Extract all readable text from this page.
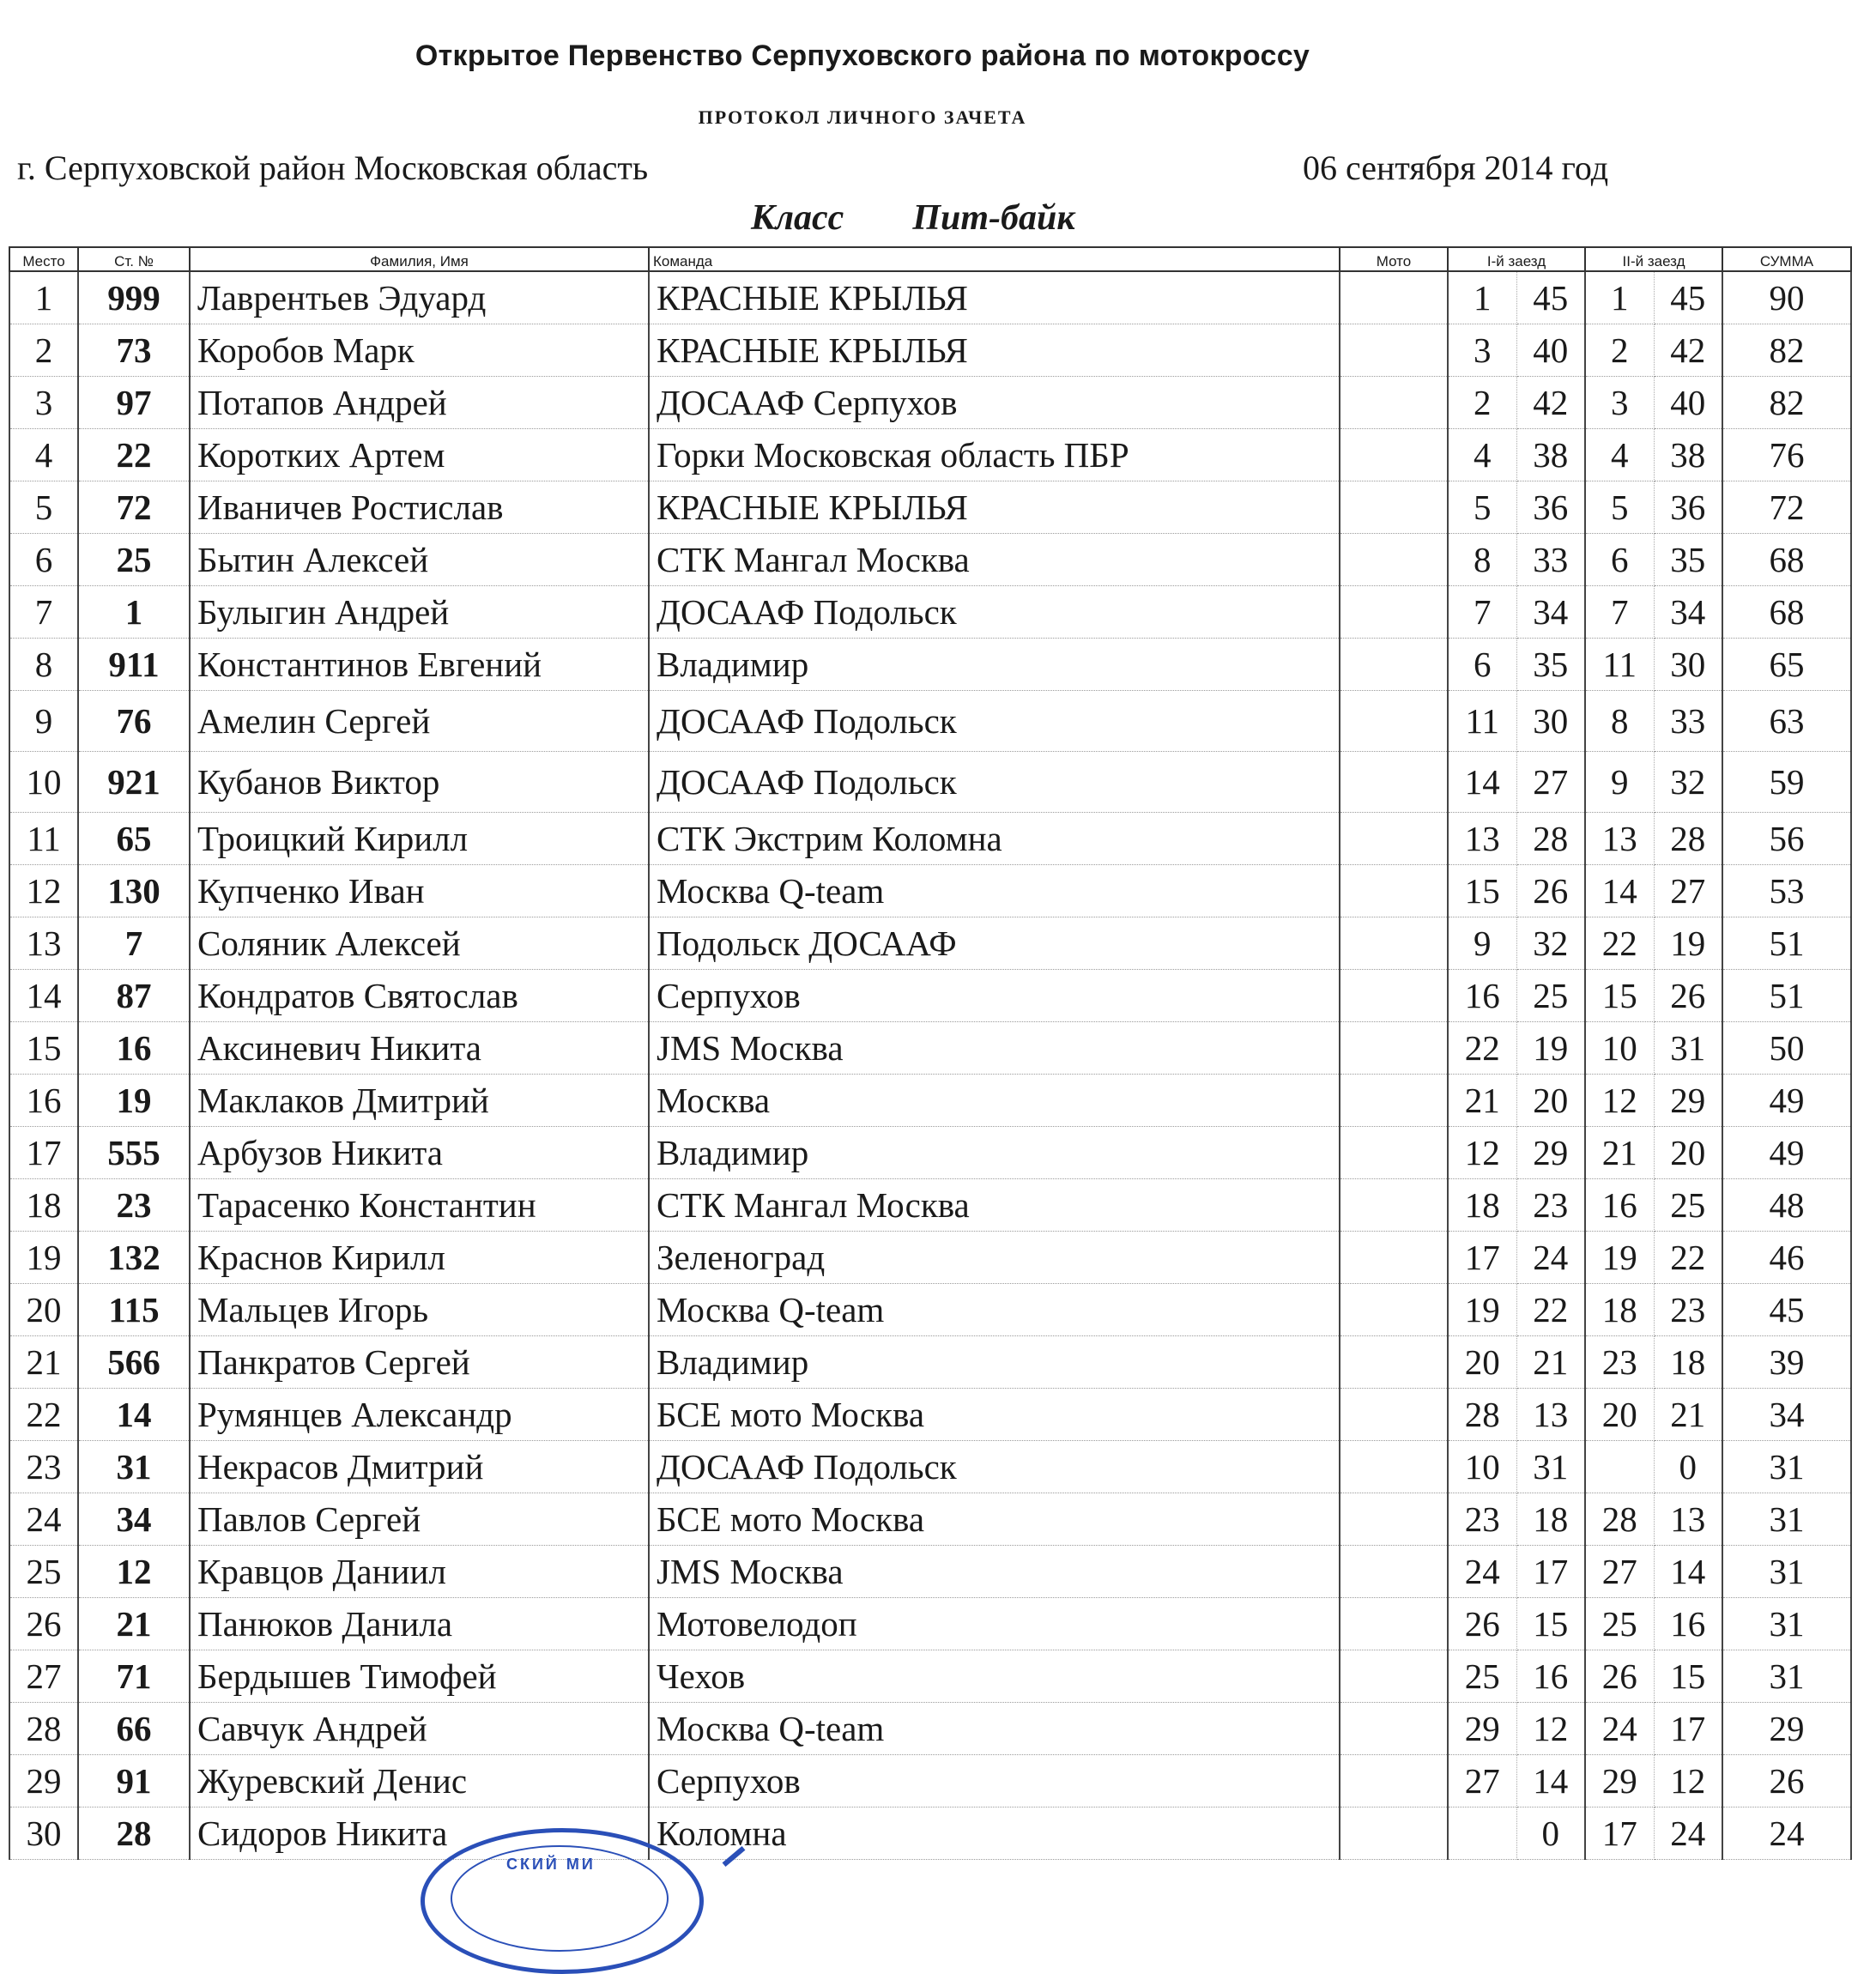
Открытое Первенство Серпуховского района по мотокроссу
ПРОТОКОЛ ЛИЧНОГО ЗАЧЕТА
г. Серпуховской район Московская область	06 сентября 2014 год
Класс Пит-байк
Место	Ст. №	Фамилия, Имя	Команда	Мото	I-й заезд		II-й заезд		СУММА
1	999	Лаврентьев Эдуард	КРАСНЫЕ КРЫЛЬЯ		1	45	1	45	90
2	73	Коробов Марк	КРАСНЫЕ КРЫЛЬЯ		3	40	2	42	82
3	97	Потапов Андрей	ДОСААФ Серпухов		2	42	3	40	82
4	22	Коротких Артем	Горки Московская область ПБР		4	38	4	38	76
5	72	Иваничев Ростислав	КРАСНЫЕ КРЫЛЬЯ		5	36	5	36	72
6	25	Бытин Алексей	СТК Мангал Москва		8	33	6	35	68
7	1	Булыгин Андрей	ДОСААФ Подольск		7	34	7	34	68
8	911	Константинов Евгений	Владимир		6	35	11	30	65
9	76	Амелин Сергей	ДОСААФ Подольск		11	30	8	33	63
10	921	Кубанов Виктор	ДОСААФ Подольск		14	27	9	32	59
11	65	Троицкий Кирилл	СТК Экстрим Коломна		13	28	13	28	56
12	130	Купченко Иван	Москва Q-team		15	26	14	27	53
13	7	Соляник Алексей	Подольск ДОСААФ		9	32	22	19	51
14	87	Кондратов Святослав	Серпухов		16	25	15	26	51
15	16	Аксиневич Никита	JMS Москва		22	19	10	31	50
16	19	Маклаков Дмитрий	Москва		21	20	12	29	49
17	555	Арбузов Никита	Владимир		12	29	21	20	49
18	23	Тарасенко Константин	СТК Мангал Москва		18	23	16	25	48
19	132	Краснов Кирилл	Зеленоград		17	24	19	22	46
20	115	Мальцев Игорь	Москва Q-team		19	22	18	23	45
21	566	Панкратов Сергей	Владимир		20	21	23	18	39
22	14	Румянцев Александр	БСЕ мото Москва		28	13	20	21	34
23	31	Некрасов Дмитрий	ДОСААФ Подольск		10	31		0	31
24	34	Павлов Сергей	БСЕ мото Москва		23	18	28	13	31
25	12	Кравцов Даниил	JMS Москва		24	17	27	14	31
26	21	Панюков Данила	Мотовелодоп		26	15	25	16	31
27	71	Бердышев Тимофей	Чехов		25	16	26	15	31
28	66	Савчук Андрей	Москва Q-team		29	12	24	17	29
29	91	Журевский Денис	Серпухов		27	14	29	12	26
30	28	Сидоров Никита	Коломна			0	17	24	24
СКИЙ МИ
